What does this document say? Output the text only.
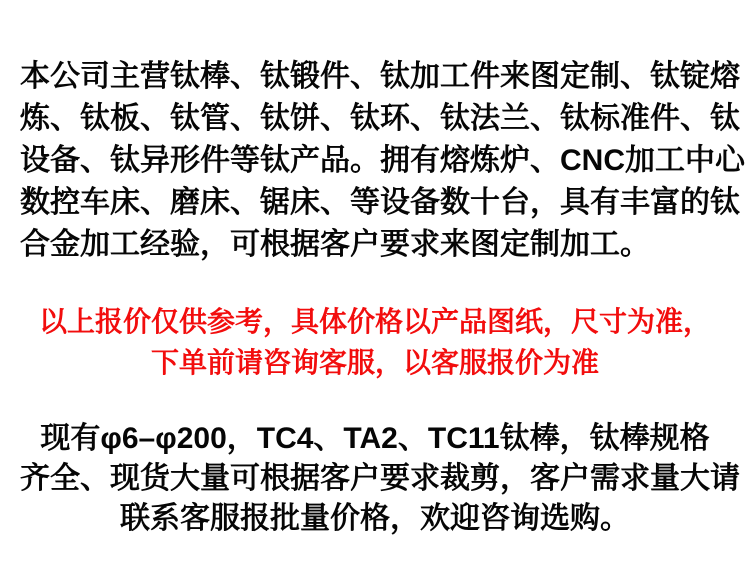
本公司主营钛棒、钛锻件、钛加工件来图定制、钛锭熔
炼、钛板、钛管、钛饼、钛环、钛法兰、钛标准件、钛
设备、钛异形件等钛产品。拥有熔炼炉、CNC加工中心
数控车床、磨床、锯床、等设备数十台，具有丰富的钛
合金加工经验，可根据客户要求来图定制加工。
以上报价仅供参考，具体价格以产品图纸，尺寸为准，
下单前请咨询客服，以客服报价为准
现有φ6–φ200，TC4、TA2、TC11钛棒，钛棒规格
齐全、现货大量可根据客户要求裁剪，客户需求量大请
联系客服报批量价格，欢迎咨询选购。
